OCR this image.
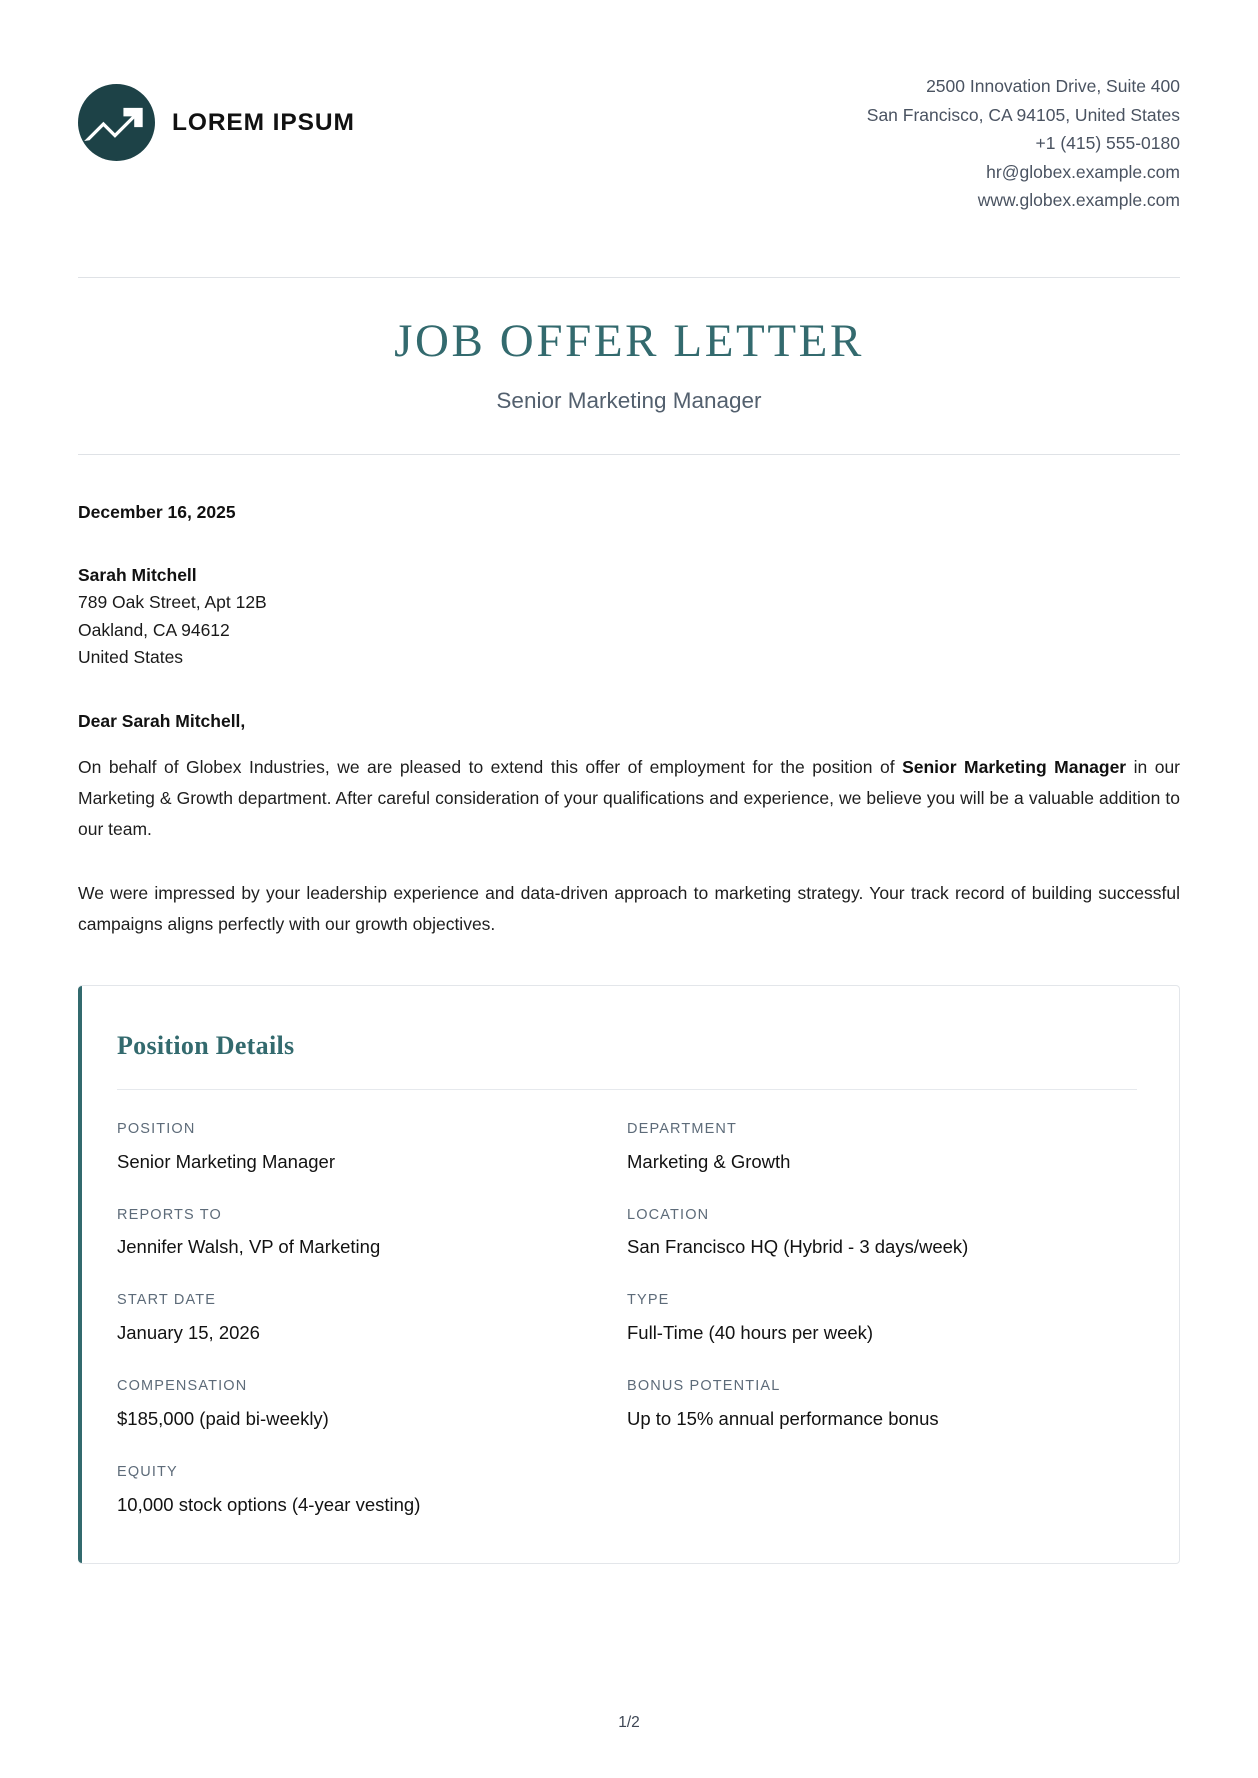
LOREM IPSUM
2500 Innovation Drive, Suite 400
San Francisco, CA 94105, United States
+1 (415) 555-0180
hr@globex.example.com
www.globex.example.com
JOB OFFER LETTER
Senior Marketing Manager
December 16, 2025
Sarah Mitchell
789 Oak Street, Apt 12B
Oakland, CA 94612
United States
Dear Sarah Mitchell,

On behalf of Globex Industries, we are pleased to extend this offer of employment for the position of Senior Marketing Manager in our Marketing & Growth department. After careful consideration of your qualifications and experience, we believe you will be a valuable addition to our team.

We were impressed by your leadership experience and data-driven approach to marketing strategy. Your track record of building successful campaigns aligns perfectly with our growth objectives.

Position Details
POSITION
Senior Marketing Manager
DEPARTMENT
Marketing & Growth
REPORTS TO
Jennifer Walsh, VP of Marketing
LOCATION
San Francisco HQ (Hybrid - 3 days/week)
START DATE
January 15, 2026
TYPE
Full-Time (40 hours per week)
COMPENSATION
$185,000 (paid bi-weekly)
BONUS POTENTIAL
Up to 15% annual performance bonus
EQUITY
10,000 stock options (4-year vesting)
1/2
